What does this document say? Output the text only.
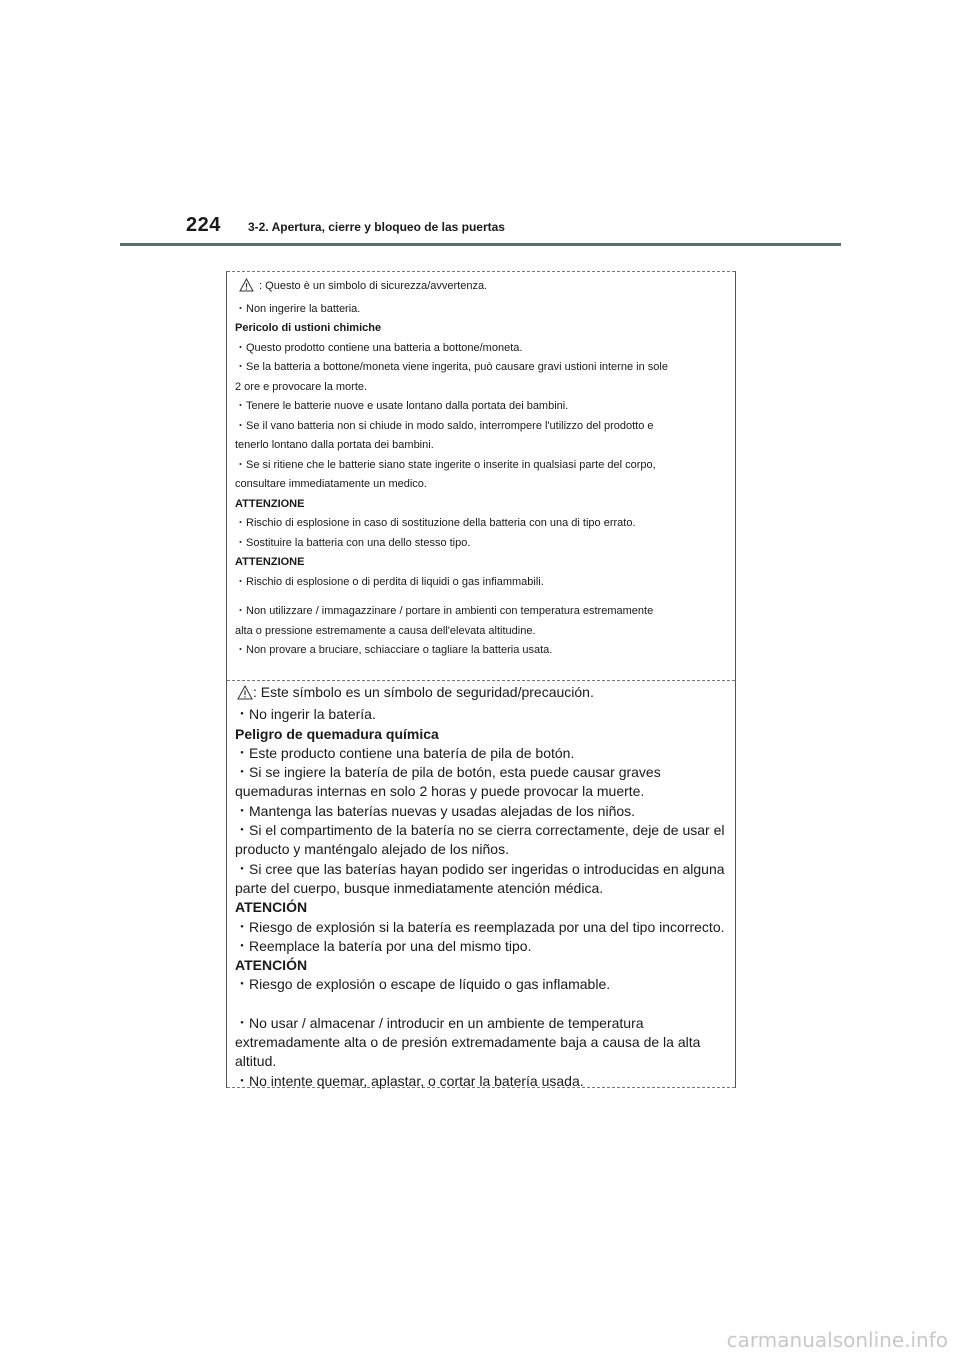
224 3-2. Apertura, cierre y bloqueo de las puertas
: Questo è un simbolo di sicurezza/avvertenza.
・Non ingerire la batteria.
Pericolo di ustioni chimiche
・Questo prodotto contiene una batteria a bottone/moneta.
・Se la batteria a bottone/moneta viene ingerita, può causare gravi ustioni interne in sole
2 ore e provocare la morte.
・Tenere le batterie nuove e usate lontano dalla portata dei bambini.
・Se il vano batteria non si chiude in modo saldo, interrompere l'utilizzo del prodotto e
tenerlo lontano dalla portata dei bambini.
・Se si ritiene che le batterie siano state ingerite o inserite in qualsiasi parte del corpo,
consultare immediatamente un medico.
ATTENZIONE
・Rischio di esplosione in caso di sostituzione della batteria con una di tipo errato.
・Sostituire la batteria con una dello stesso tipo.
ATTENZIONE
・Rischio di esplosione o di perdita di liquidi o gas infiammabili.
・Non utilizzare / immagazzinare / portare in ambienti con temperatura estremamente
alta o pressione estremamente a causa dell'elevata altitudine.
・Non provare a bruciare, schiacciare o tagliare la batteria usata.
: Este símbolo es un símbolo de seguridad/precaución.
・No ingerir la batería.
Peligro de quemadura química
・Este producto contiene una batería de pila de botón.
・Si se ingiere la batería de pila de botón, esta puede causar graves
quemaduras internas en solo 2 horas y puede provocar la muerte.
・Mantenga las baterías nuevas y usadas alejadas de los niños.
・Si el compartimento de la batería no se cierra correctamente, deje de usar el
producto y manténgalo alejado de los niños.
・Si cree que las baterías hayan podido ser ingeridas o introducidas en alguna
parte del cuerpo, busque inmediatamente atención médica.
ATENCIÓN
・Riesgo de explosión si la batería es reemplazada por una del tipo incorrecto.
・Reemplace la batería por una del mismo tipo.
ATENCIÓN
・Riesgo de explosión o escape de líquido o gas inflamable.
・No usar / almacenar / introducir en un ambiente de temperatura
extremadamente alta o de presión extremadamente baja a causa de la alta
altitud.
・No intente quemar, aplastar, o cortar la batería usada.
carmanualsonline.info
